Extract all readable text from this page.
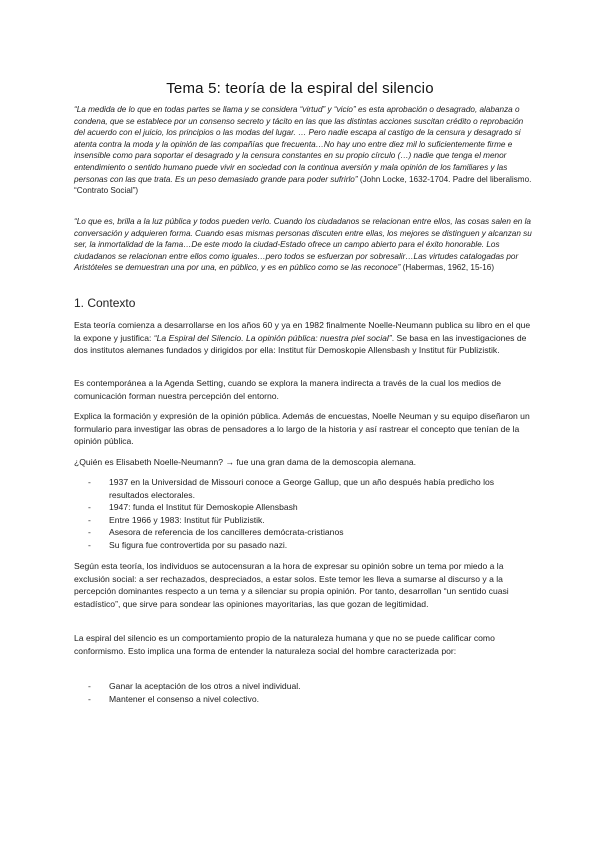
Tema 5: teoría de la espiral del silencio
“La medida de lo que en todas partes se llama y se considera “virtud” y “vicio” es esta aprobación o desagrado, alabanza o condena, que se establece por un consenso secreto y tácito en las que las distintas acciones suscitan crédito o reprobación del acuerdo con el juicio, los principios o las modas del lugar. … Pero nadie escapa al castigo de la censura y desagrado si atenta contra la moda y la opinión de las compañías que frecuenta…No hay uno entre diez mil lo suficientemente firme e insensible como para soportar el desagrado y la censura constantes en su propio círculo (…) nadie que tenga el menor entendimiento o sentido humano puede vivir en sociedad con la continua aversión y mala opinión de los familiares y las personas con las que trata. Es un peso demasiado grande para poder sufrirlo” (John Locke, 1632-1704. Padre del liberalismo. “Contrato Social”)
“Lo que es, brilla a la luz pública y todos pueden verlo. Cuando los ciudadanos se relacionan entre ellos, las cosas salen en la conversación y adquieren forma. Cuando esas mismas personas discuten entre ellas, los mejores se distinguen y alcanzan su ser, la inmortalidad de la fama…De este modo la ciudad-Estado ofrece un campo abierto para el éxito honorable. Los ciudadanos se relacionan entre ellos como iguales…pero todos se esfuerzan por sobresalir…Las virtudes catalogadas por Aristóteles se demuestran una por una, en público, y es en público como se las reconoce” (Habermas, 1962, 15-16)
1. Contexto
Esta teoría comienza a desarrollarse en los años 60 y ya en 1982 finalmente Noelle-Neumann publica su libro en el que la expone y justifica: “La Espiral del Silencio. La opinión pública: nuestra piel social”. Se basa en las investigaciones de dos institutos alemanes fundados y dirigidos por ella: Institut für Demoskopie Allensbash y Institut für Publizistik.
Es contemporánea a la Agenda Setting, cuando se explora la manera indirecta a través de la cual los medios de comunicación forman nuestra percepción del entorno.
Explica la formación y expresión de la opinión pública. Además de encuestas, Noelle Neuman y su equipo diseñaron un formulario para investigar las obras de pensadores a lo largo de la historia y así rastrear el concepto que tenían de la opinión pública.
¿Quién es Elisabeth Noelle-Neumann? → fue una gran dama de la demoscopia alemana.
- 1937 en la Universidad de Missouri conoce a George Gallup, que un año después había predicho los resultados electorales.
- 1947: funda el Institut für Demoskopie Allensbash
- Entre 1966 y 1983: Institut für Publizistik.
- Asesora de referencia de los cancilleres demócrata-cristianos
- Su figura fue controvertida por su pasado nazi.
Según esta teoría, los individuos se autocensuran a la hora de expresar su opinión sobre un tema por miedo a la exclusión social: a ser rechazados, despreciados, a estar solos. Este temor les lleva a sumarse al discurso y a la percepción dominantes respecto a un tema y a silenciar su propia opinión. Por tanto, desarrollan “un sentido cuasi estadístico”, que sirve para sondear las opiniones mayoritarias, las que gozan de legitimidad.
La espiral del silencio es un comportamiento propio de la naturaleza humana y que no se puede calificar como conformismo. Esto implica una forma de entender la naturaleza social del hombre caracterizada por:
- Ganar la aceptación de los otros a nivel individual.
- Mantener el consenso a nivel colectivo.
